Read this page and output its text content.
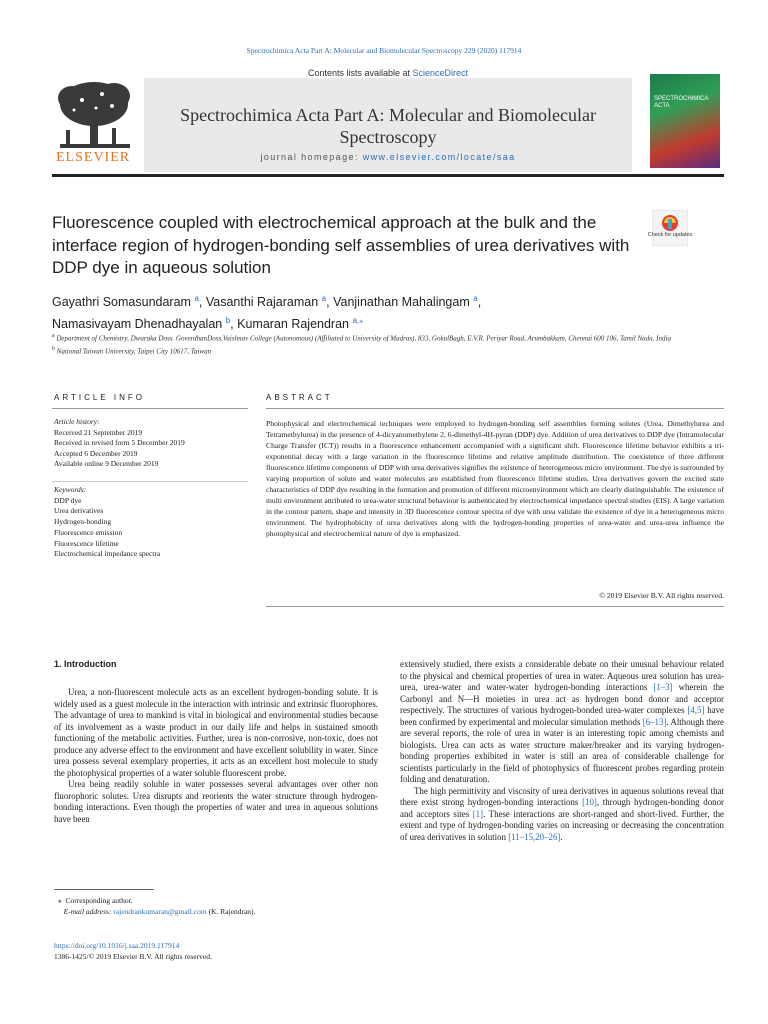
Spectrochimica Acta Part A: Molecular and Biomolecular Spectroscopy 229 (2020) 117914
ELSEVIER
Contents lists available at ScienceDirect
Spectrochimica Acta Part A: Molecular and Biomolecular Spectroscopy
journal homepage: www.elsevier.com/locate/saa
SPECTROCHIMICA ACTA
Fluorescence coupled with electrochemical approach at the bulk and the interface region of hydrogen-bonding self assemblies of urea derivatives with DDP dye in aqueous solution
Check for updates
Gayathri Somasundaram $^a$, Vasanthi Rajaraman $^a$, Vanjinathan Mahalingam $^a$,
Namasivayam Dhenadhayalan $^b$, Kumaran Rajendran $^{a,⁎}$
$^a$ Department of Chemistry, Dwaraka Doss. GoverdhanDoss.Vaishnav College (Autonomous) (Affiliated to University of Madras), 833, GokulBagh, E.V.R. Periyar Road, Arumbakkam, Chennai 600 106, Tamil Nadu, India
$^b$ National Taiwan University, Taipei City 10617, Taiwan
ARTICLE INFO
Article history:
Received 21 September 2019
Received in revised form 5 December 2019
Accepted 6 December 2019
Available online 9 December 2019
Keywords:
DDP dye
Urea derivatives
Hydrogen-bonding
Fluorescence emission
Fluorescence lifetime
Electrochemical impedance spectra
ABSTRACT
Photophysical and electrochemical techniques were employed to hydrogen-bonding self assemblies forming solutes (Urea, Dimethylurea and Tetramethylurea) in the presence of 4-dicyanomethylene 2, 6-dimethyl-4H-pyran (DDP) dye. Addition of urea derivatives to DDP dye (Intramolecular Charge Transfer (ICT)) results in a fluorescence enhancement accompanied with a significant shift. Fluorescence lifetime behavior exhibits a tri-exponential decay with a large variation in the fluorescence lifetime and relative amplitude distribution. The coexistence of three different fluorescence lifetime components of DDP with urea derivatives signifies the existence of heterogeneous micro environment. The dye is surrounded by varying proportion of solute and water molecules are established from fluorescence lifetime studies. Urea derivatives govern the excited state characteristics of DDP dye resulting in the formation and promotion of different microenvironment which are clearly distinguishable. The existence of multi environment attributed to urea-water structural behaviour is authenticated by electrochemical impedance spectral studies (EIS). A large variation in the contour pattern, shape and intensity in 3D fluorescence contour spectra of dye with urea validate the existence of dye in a heterogeneous micro environment. The hydrophobicity of urea derivatives along with the hydrogen-bonding properties of urea-water and urea-urea influence the photophysical and electrochemical nature of dye is emphasized.
© 2019 Elsevier B.V. All rights reserved.
1. Introduction

Urea, a non-fluorescent molecule acts as an excellent hydrogen-bonding solute. It is widely used as a guest molecule in the interaction with intrinsic and extrinsic fluorophores. The advantage of urea to mankind is vital in biological and environmental studies because of its involvement as a waste product in our daily life and helps in sustained smooth functioning of the metabolic activities. Further, urea is non-corrosive, non-toxic, does not produce any adverse effect to the environment and have excellent solubility in water. Since urea possess several exemplary properties, it acts as an excellent host molecule to study the photophysical properties of a water soluble fluorescent probe.

Urea being readily soluble in water possesses several advantages over other non fluorophoric solutes. Urea disrupts and reorients the water structure through hydrogen-bonding interactions. Even though the properties of water and urea in aqueous solutions have been

extensively studied, there exists a considerable debate on their unusual behaviour related to the physical and chemical properties of urea in water. Aqueous urea solution has urea-urea, urea-water and water-water hydrogen-bonding interactions [1–3] wherein the Carbonyl and N—H moieties in urea act as hydrogen bond donor and acceptor respectively. The structures of various hydrogen-bonded urea-water complexes [4,5] have been confirmed by experimental and molecular simulation methods [6–13]. Although there are several reports, the role of urea in water is an interesting topic among chemists and biologists. Urea can acts as water structure maker/breaker and its varying hydrogen-bonding properties exhibited in water is still an area of considerable challenge for scientists particularly in the field of photophysics of fluorescent probes regarding protein folding and denaturation.

The high permittivity and viscosity of urea derivatives in aqueous solutions reveal that there exist strong hydrogen-bonding interactions [10], through hydrogen-bonding donor and acceptors sites [1]. These interactions are short-ranged and short-lived. Further, the extent and type of hydrogen-bonding varies on increasing or decreasing the concentration of urea derivatives in solution [11–15,20–26].

⁎ Corresponding author.
E-mail address: rajendrankumaran@gmail.com (K. Rajendran).
https://doi.org/10.1016/j.saa.2019.117914
1386-1425/© 2019 Elsevier B.V. All rights reserved.
